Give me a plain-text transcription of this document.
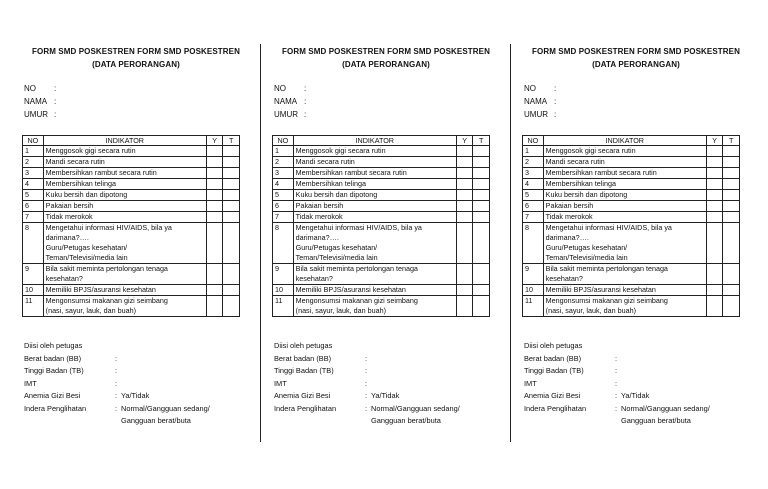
FORM SMD POSKESTREN FORM SMD POSKESTREN
(DATA PERORANGAN)
NO :
NAMA :
UMUR :
NO	INDIKATOR	Y	T
1	Menggosok gigi secara rutin		

2	Mandi secara rutin		

3	Membersihkan rambut secara rutin		

4	Membersihkan telinga		

5	Kuku bersih dan dipotong		

6	Pakaian bersih		

7	Tidak merokok		

8	Mengetahui informasi HIV/AIDS, bila ya
darimana?….
Guru/Petugas kesehatan/
Teman/Televisi/media lain		

9	Bila sakit meminta pertolongan tenaga
kesehatan?		

10	Memiliki BPJS/asuransi kesehatan		

11	Mengonsumsi makanan gizi seimbang
(nasi, sayur, lauk, dan buah)		

Diisi oleh petugas
Berat badan (BB)	:
Tinggi Badan (TB)	:
IMT	:
Anemia Gizi Besi	: Ya/Tidak
Indera Penglihatan	: Normal/Gangguan sedang/
Gangguan berat/buta
FORM SMD POSKESTREN FORM SMD POSKESTREN
(DATA PERORANGAN)
NO :
NAMA :
UMUR :
NO	INDIKATOR	Y	T
1	Menggosok gigi secara rutin		

2	Mandi secara rutin		

3	Membersihkan rambut secara rutin		

4	Membersihkan telinga		

5	Kuku bersih dan dipotong		

6	Pakaian bersih		

7	Tidak merokok		

8	Mengetahui informasi HIV/AIDS, bila ya
darimana?….
Guru/Petugas kesehatan/
Teman/Televisi/media lain		

9	Bila sakit meminta pertolongan tenaga
kesehatan?		

10	Memiliki BPJS/asuransi kesehatan		

11	Mengonsumsi makanan gizi seimbang
(nasi, sayur, lauk, dan buah)		

Diisi oleh petugas
Berat badan (BB)	:
Tinggi Badan (TB)	:
IMT	:
Anemia Gizi Besi	: Ya/Tidak
Indera Penglihatan	: Normal/Gangguan sedang/
Gangguan berat/buta
FORM SMD POSKESTREN FORM SMD POSKESTREN
(DATA PERORANGAN)
NO :
NAMA :
UMUR :
NO	INDIKATOR	Y	T
1	Menggosok gigi secara rutin		

2	Mandi secara rutin		

3	Membersihkan rambut secara rutin		

4	Membersihkan telinga		

5	Kuku bersih dan dipotong		

6	Pakaian bersih		

7	Tidak merokok		

8	Mengetahui informasi HIV/AIDS, bila ya
darimana?….
Guru/Petugas kesehatan/
Teman/Televisi/media lain		

9	Bila sakit meminta pertolongan tenaga
kesehatan?		

10	Memiliki BPJS/asuransi kesehatan		

11	Mengonsumsi makanan gizi seimbang
(nasi, sayur, lauk, dan buah)		

Diisi oleh petugas
Berat badan (BB)	:
Tinggi Badan (TB)	:
IMT	:
Anemia Gizi Besi	: Ya/Tidak
Indera Penglihatan	: Normal/Gangguan sedang/
Gangguan berat/buta
